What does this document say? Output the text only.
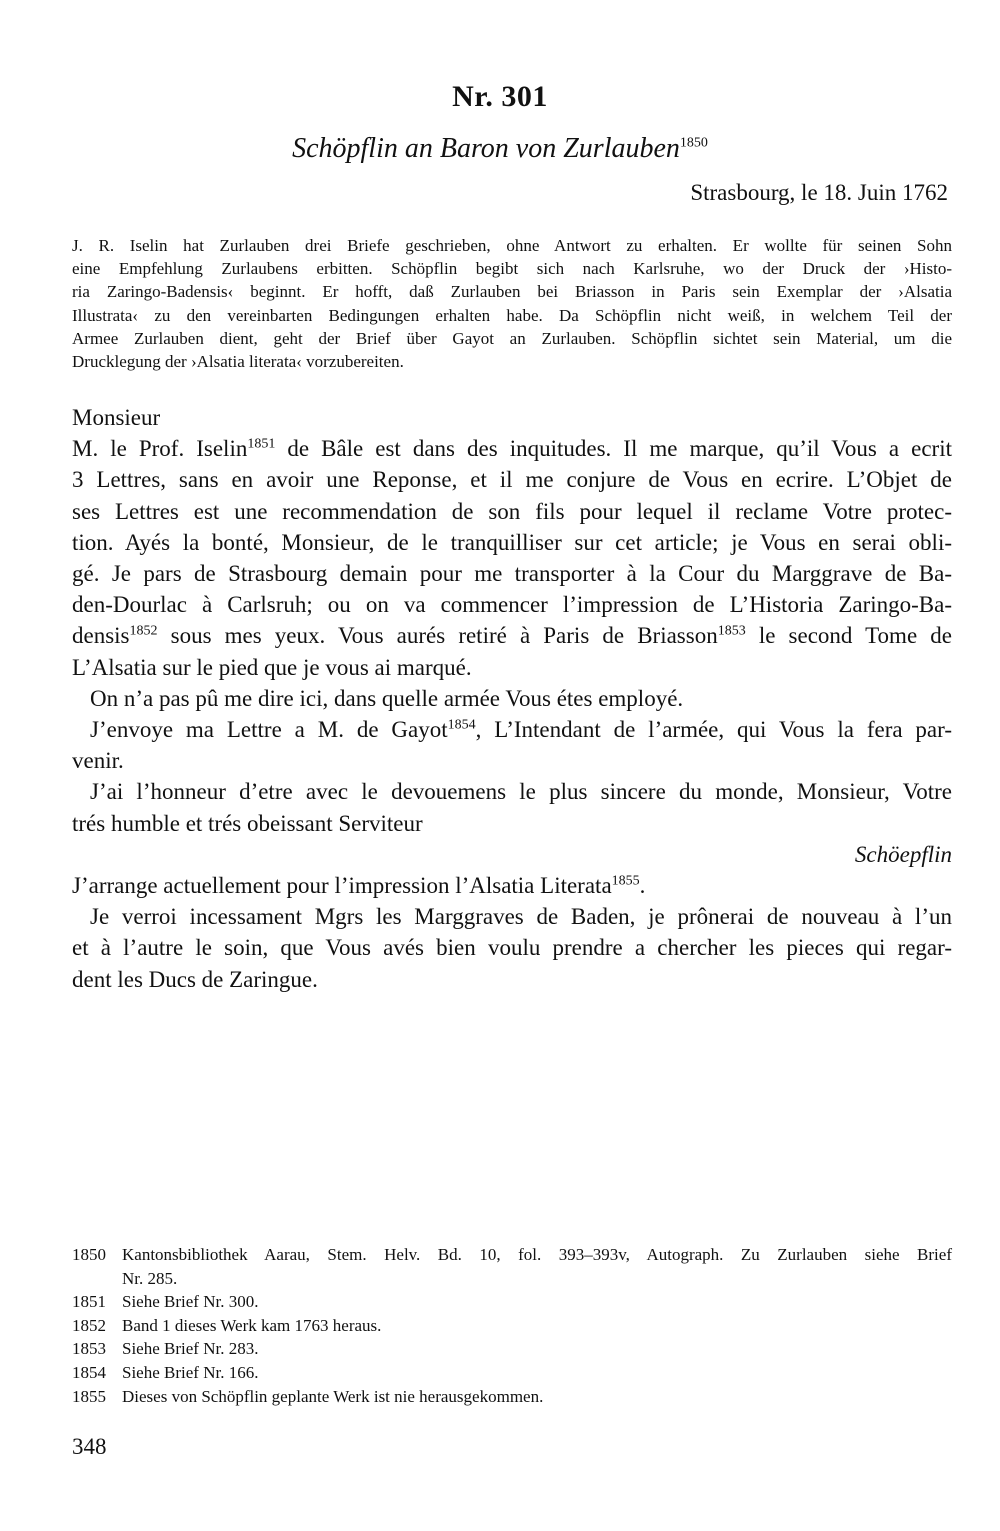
Nr. 301
Schöpflin an Baron von Zurlauben$^{1850}$
Strasbourg, le 18. Juin 1762
J. R. Iselin hat Zurlauben drei Briefe geschrieben, ohne Antwort zu erhalten. Er wollte für seinen Sohn
eine Empfehlung Zurlaubens erbitten. Schöpflin begibt sich nach Karlsruhe, wo der Druck der ›Histo-
ria Zaringo-Badensis‹ beginnt. Er hofft, daß Zurlauben bei Briasson in Paris sein Exemplar der ›Alsatia
Illustrata‹ zu den vereinbarten Bedingungen erhalten habe. Da Schöpflin nicht weiß, in welchem Teil der
Armee Zurlauben dient, geht der Brief über Gayot an Zurlauben. Schöpflin sichtet sein Material, um die
Drucklegung der ›Alsatia literata‹ vorzubereiten.
Monsieur
M. le Prof. Iselin$^{1851}$ de Bâle est dans des inquitudes. Il me marque, qu’il Vous a ecrit
3 Lettres, sans en avoir une Reponse, et il me conjure de Vous en ecrire. L’Objet de
ses Lettres est une recommendation de son fils pour lequel il reclame Votre protec-
tion. Ayés la bonté, Monsieur, de le tranquilliser sur cet article; je Vous en serai obli-
gé. Je pars de Strasbourg demain pour me transporter à la Cour du Marggrave de Ba-
den-Dourlac à Carlsruh; ou on va commencer l’impression de L’Historia Zaringo-Ba-
densis$^{1852}$ sous mes yeux. Vous aurés retiré à Paris de Briasson$^{1853}$ le second Tome de
L’Alsatia sur le pied que je vous ai marqué.
On n’a pas pû me dire ici, dans quelle armée Vous étes employé.
J’envoye ma Lettre a M. de Gayot$^{1854}$, L’Intendant de l’armée, qui Vous la fera par-
venir.
J’ai l’honneur d’etre avec le devouemens le plus sincere du monde, Monsieur, Votre
trés humble et trés obeissant Serviteur
Schöepflin
J’arrange actuellement pour l’impression l’Alsatia Literata$^{1855}$.
Je verroi incessament Mgrs les Marggraves de Baden, je prônerai de nouveau à l’un
et à l’autre le soin, que Vous avés bien voulu prendre a chercher les pieces qui regar-
dent les Ducs de Zaringue.
1850 Kantonsbibliothek Aarau, Stem. Helv. Bd. 10, fol. 393–393v, Autograph. Zu Zurlauben siehe Brief
Nr. 285.
1851 Siehe Brief Nr. 300.
1852 Band 1 dieses Werk kam 1763 heraus.
1853 Siehe Brief Nr. 283.
1854 Siehe Brief Nr. 166.
1855 Dieses von Schöpflin geplante Werk ist nie herausgekommen.
348
